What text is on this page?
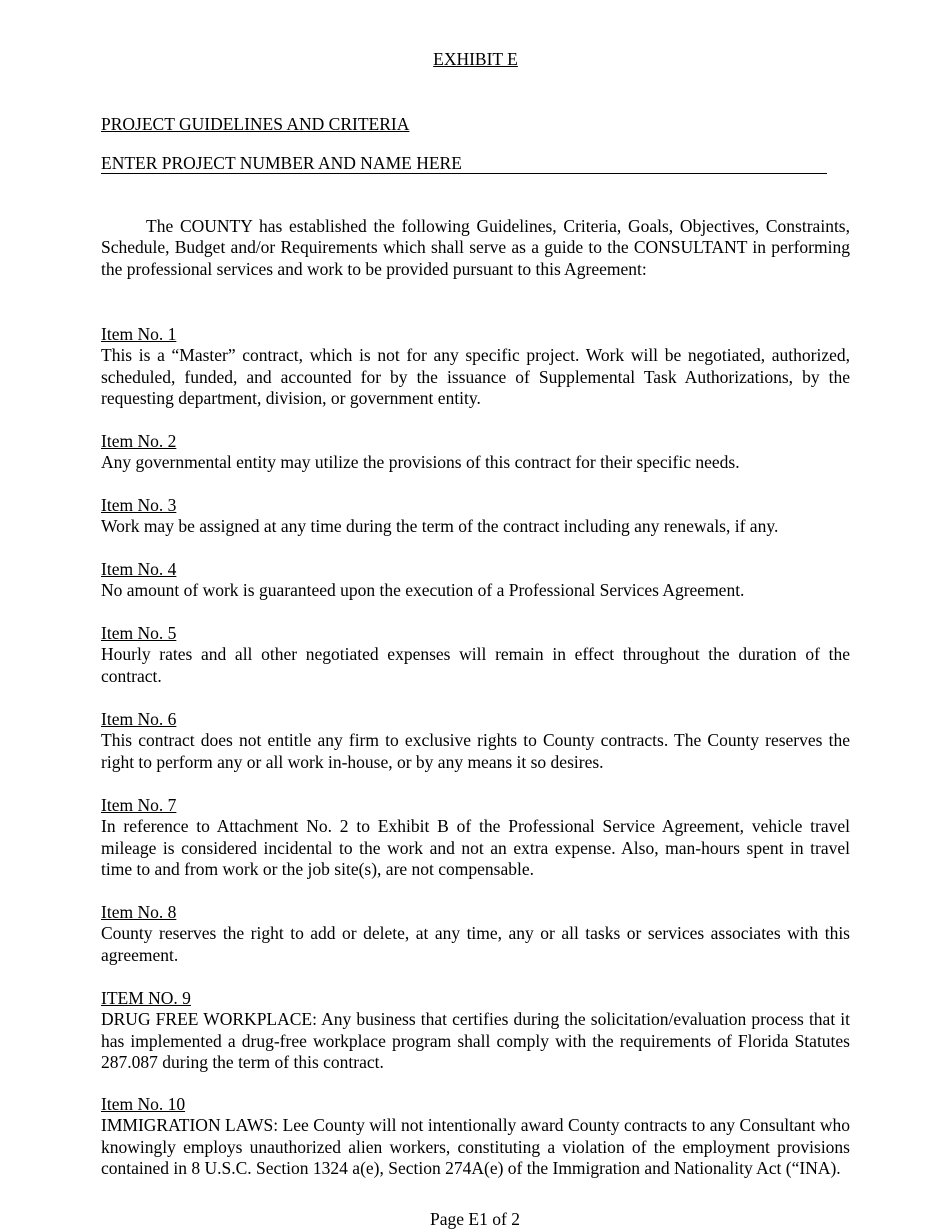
EXHIBIT E
PROJECT GUIDELINES AND CRITERIA
ENTER PROJECT NUMBER AND NAME HERE

The COUNTY has established the following Guidelines, Criteria, Goals, Objectives, Constraints, Schedule, Budget and/or Requirements which shall serve as a guide to the CONSULTANT in performing the professional services and work to be provided pursuant to this Agreement:

Item No. 1

This is a “Master” contract, which is not for any specific project. Work will be negotiated, authorized, scheduled, funded, and accounted for by the issuance of Supplemental Task Authorizations, by the requesting department, division, or government entity.

Item No. 2

Any governmental entity may utilize the provisions of this contract for their specific needs.

Item No. 3

Work may be assigned at any time during the term of the contract including any renewals, if any.

Item No. 4

No amount of work is guaranteed upon the execution of a Professional Services Agreement.

Item No. 5

Hourly rates and all other negotiated expenses will remain in effect throughout the duration of the contract.

Item No. 6

This contract does not entitle any firm to exclusive rights to County contracts. The County reserves the right to perform any or all work in-house, or by any means it so desires.

Item No. 7

In reference to Attachment No. 2 to Exhibit B of the Professional Service Agreement, vehicle travel mileage is considered incidental to the work and not an extra expense. Also, man-hours spent in travel time to and from work or the job site(s), are not compensable.

Item No. 8

County reserves the right to add or delete, at any time, any or all tasks or services associates with this agreement.

ITEM NO. 9

DRUG FREE WORKPLACE: Any business that certifies during the solicitation/evaluation process that it has implemented a drug-free workplace program shall comply with the requirements of Florida Statutes 287.087 during the term of this contract.

Item No. 10

IMMIGRATION LAWS: Lee County will not intentionally award County contracts to any Consultant who knowingly employs unauthorized alien workers, constituting a violation of the employment provisions contained in 8 U.S.C. Section 1324 a(e), Section 274A(e) of the Immigration and Nationality Act (“INA).

Page E1 of 2
